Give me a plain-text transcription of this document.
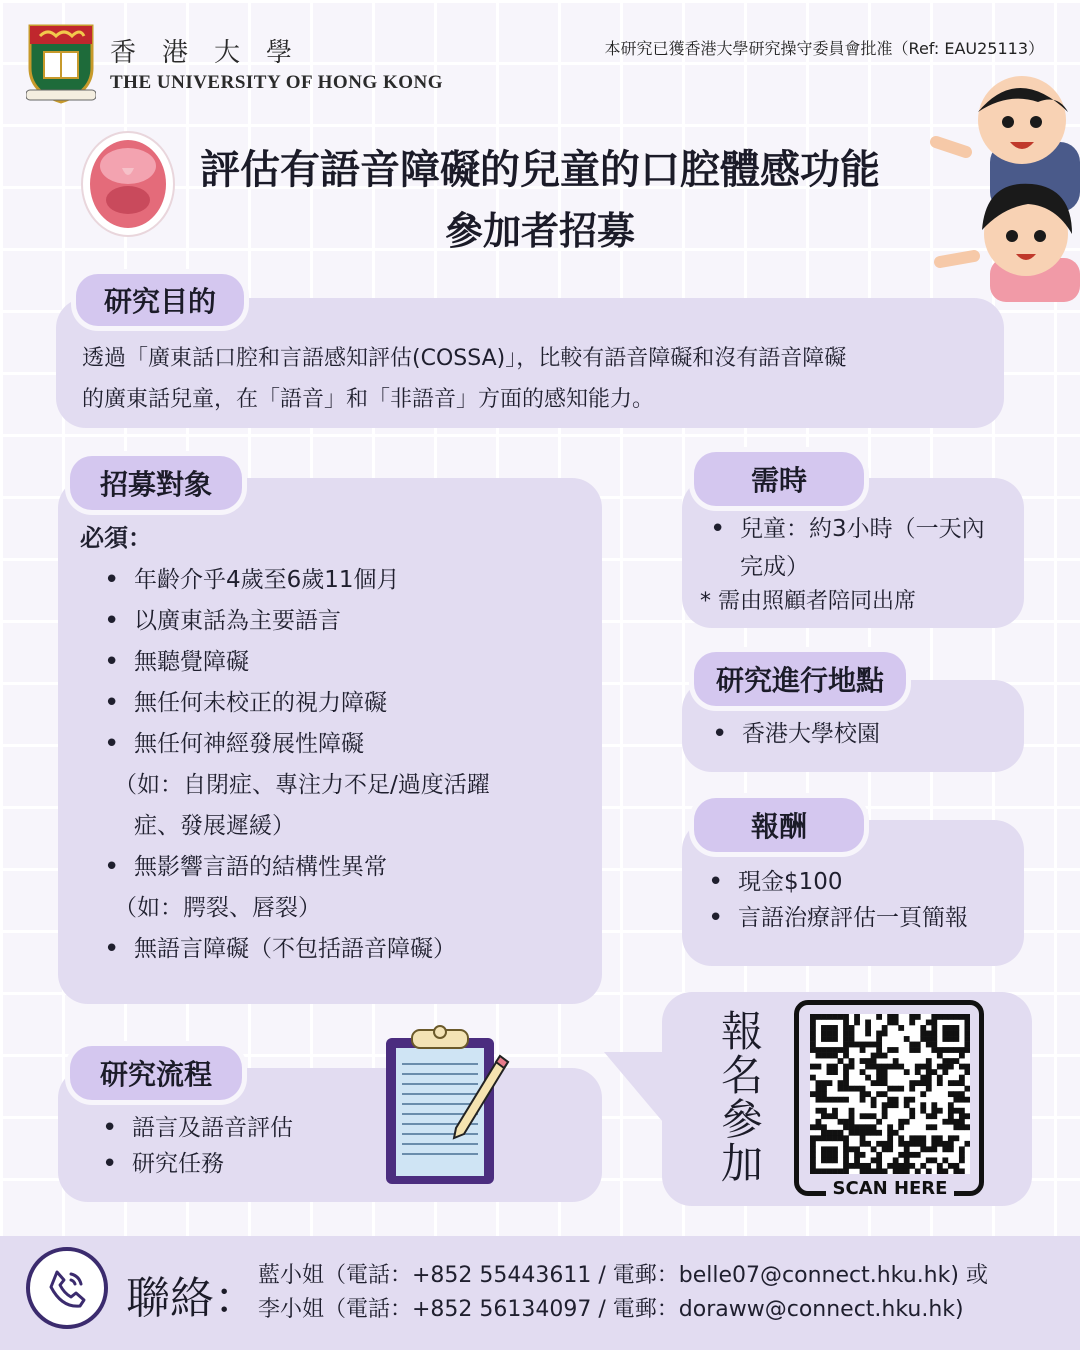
香港大學
THE UNIVERSITY OF HONG KONG
本研究已獲香港大學研究操守委員會批准（Ref: EAU25113）
評估有語音障礙的兒童的口腔體感功能
參加者招募
研究目的
透過「廣東話口腔和言語感知評估(COSSA)」，比較有語音障礙和沒有語音障礙
的廣東話兒童，在「語音」和「非語音」方面的感知能力。
招募對象
必須：
• 年齡介乎4歲至6歲11個月
• 以廣東話為主要語言
• 無聽覺障礙
• 無任何未校正的視力障礙
• 無任何神經發展性障礙
（如：自閉症、專注力不足/過度活躍
症、發展遲緩）
• 無影響言語的結構性異常
（如：腭裂、唇裂）
• 無語言障礙（不包括語音障礙）
研究流程
• 語言及語音評估
• 研究任務
需時
• 兒童：約3小時（一天內
完成）
* 需由照顧者陪同出席
研究進行地點
• 香港大學校園
報酬
• 現金$100
• 言語治療評估一頁簡報
報名參加
SCAN HERE
聯絡： 藍小姐（電話：+852 55443611 / 電郵：belle07@connect.hku.hk) 或
李小姐（電話：+852 56134097 / 電郵：doraww@connect.hku.hk)
